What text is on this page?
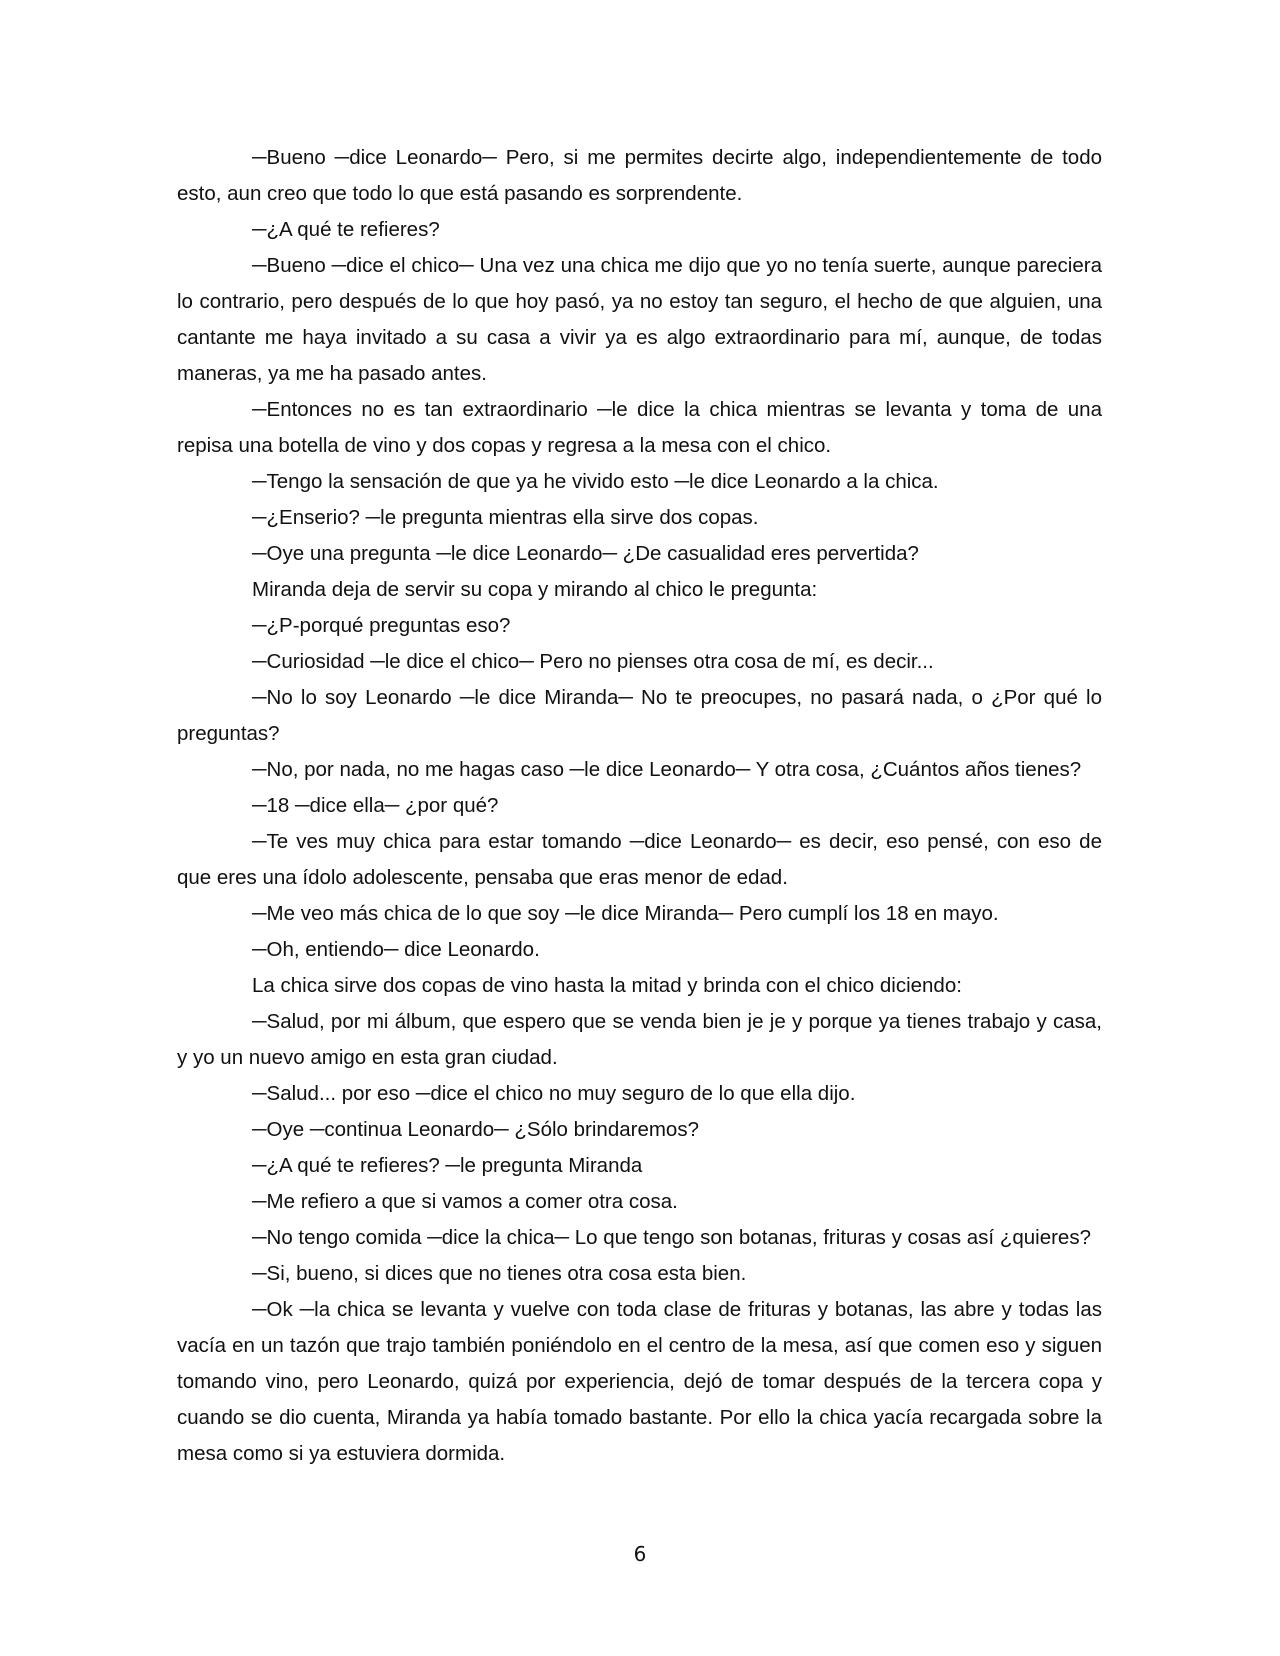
─Bueno ─dice Leonardo─ Pero, si me permites decirte algo, independientemente de todo esto, aun creo que todo lo que está pasando es sorprendente.

─¿A qué te refieres?

─Bueno ─dice el chico─ Una vez una chica me dijo que yo no tenía suerte, aunque pareciera lo contrario, pero después de lo que hoy pasó, ya no estoy tan seguro, el hecho de que alguien, una cantante me haya invitado a su casa a vivir ya es algo extraordinario para mí, aunque, de todas maneras, ya me ha pasado antes.

─Entonces no es tan extraordinario ─le dice la chica mientras se levanta y toma de una repisa una botella de vino y dos copas y regresa a la mesa con el chico.

─Tengo la sensación de que ya he vivido esto ─le dice Leonardo a la chica.

─¿Enserio? ─le pregunta mientras ella sirve dos copas.

─Oye una pregunta ─le dice Leonardo─ ¿De casualidad eres pervertida?

Miranda deja de servir su copa y mirando al chico le pregunta:

─¿P-porqué preguntas eso?

─Curiosidad ─le dice el chico─ Pero no pienses otra cosa de mí, es decir...

─No lo soy Leonardo ─le dice Miranda─ No te preocupes, no pasará nada, o ¿Por qué lo preguntas?

─No, por nada, no me hagas caso ─le dice Leonardo─ Y otra cosa, ¿Cuántos años tienes?

─18 ─dice ella─ ¿por qué?

─Te ves muy chica para estar tomando ─dice Leonardo─ es decir, eso pensé, con eso de que eres una ídolo adolescente, pensaba que eras menor de edad.

─Me veo más chica de lo que soy ─le dice Miranda─ Pero cumplí los 18 en mayo.

─Oh, entiendo─ dice Leonardo.

La chica sirve dos copas de vino hasta la mitad y brinda con el chico diciendo:

─Salud, por mi álbum, que espero que se venda bien je je y porque ya tienes trabajo y casa, y yo un nuevo amigo en esta gran ciudad.

─Salud... por eso ─dice el chico no muy seguro de lo que ella dijo.

─Oye ─continua Leonardo─ ¿Sólo brindaremos?

─¿A qué te refieres? ─le pregunta Miranda

─Me refiero a que si vamos a comer otra cosa.

─No tengo comida ─dice la chica─ Lo que tengo son botanas, frituras y cosas así ¿quieres?

─Si, bueno, si dices que no tienes otra cosa esta bien.

─Ok ─la chica se levanta y vuelve con toda clase de frituras y botanas, las abre y todas las vacía en un tazón que trajo también poniéndolo en el centro de la mesa, así que comen eso y siguen tomando vino, pero Leonardo, quizá por experiencia, dejó de tomar después de la tercera copa y cuando se dio cuenta, Miranda ya había tomado bastante. Por ello la chica yacía recargada sobre la mesa como si ya estuviera dormida.

6
